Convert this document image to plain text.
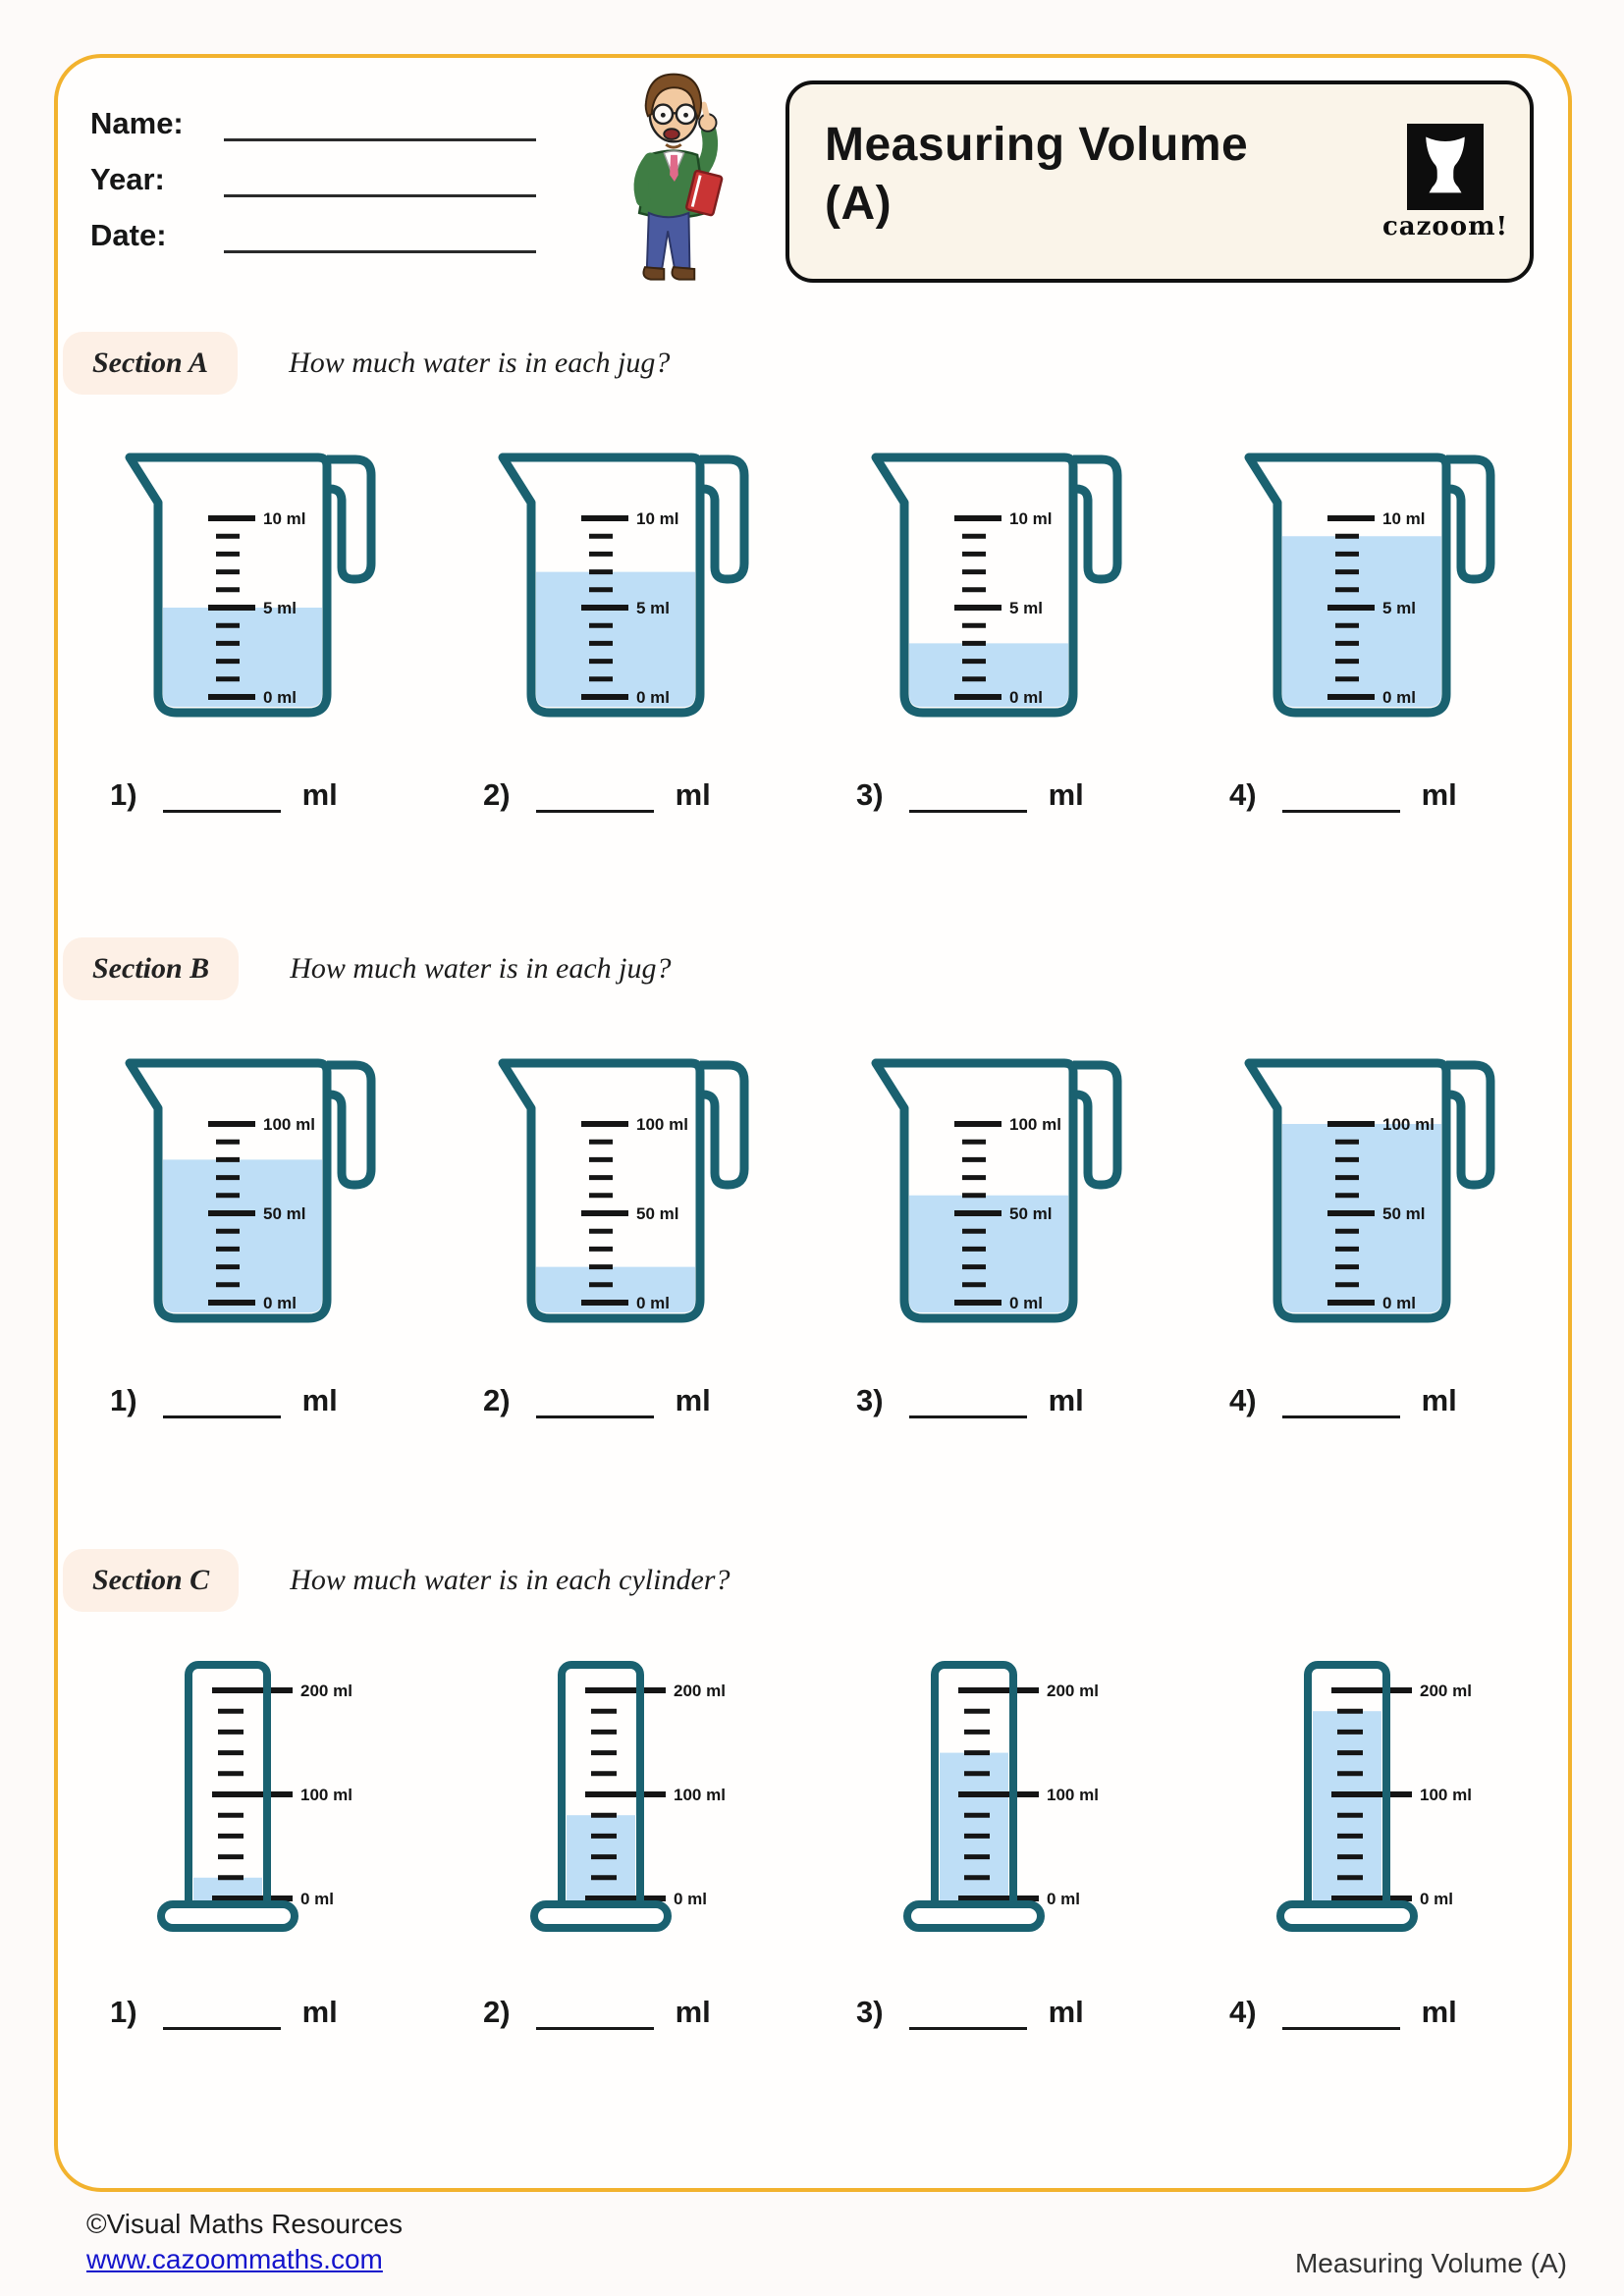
Name:
Year:
Date:
Measuring Volume
(A)	cazoom!
Section A	How much water is in each jug?
0 ml
5 ml
10 ml
0 ml
5 ml
10 ml
0 ml
5 ml
10 ml
0 ml
5 ml
10 ml
1)	ml	2)	ml	3)	ml	4)	ml
Section B	How much water is in each jug?
0 ml
50 ml
100 ml
0 ml
50 ml
100 ml
0 ml
50 ml
100 ml
0 ml
50 ml
100 ml
1)	ml	2)	ml	3)	ml	4)	ml
Section C	How much water is in each cylinder?
0 ml
100 ml
200 ml
0 ml
100 ml
200 ml
0 ml
100 ml
200 ml
0 ml
100 ml
200 ml
1)	ml	2)	ml	3)	ml	4)	ml
©Visual Maths Resources
www.cazoommaths.com	Measuring Volume (A)
